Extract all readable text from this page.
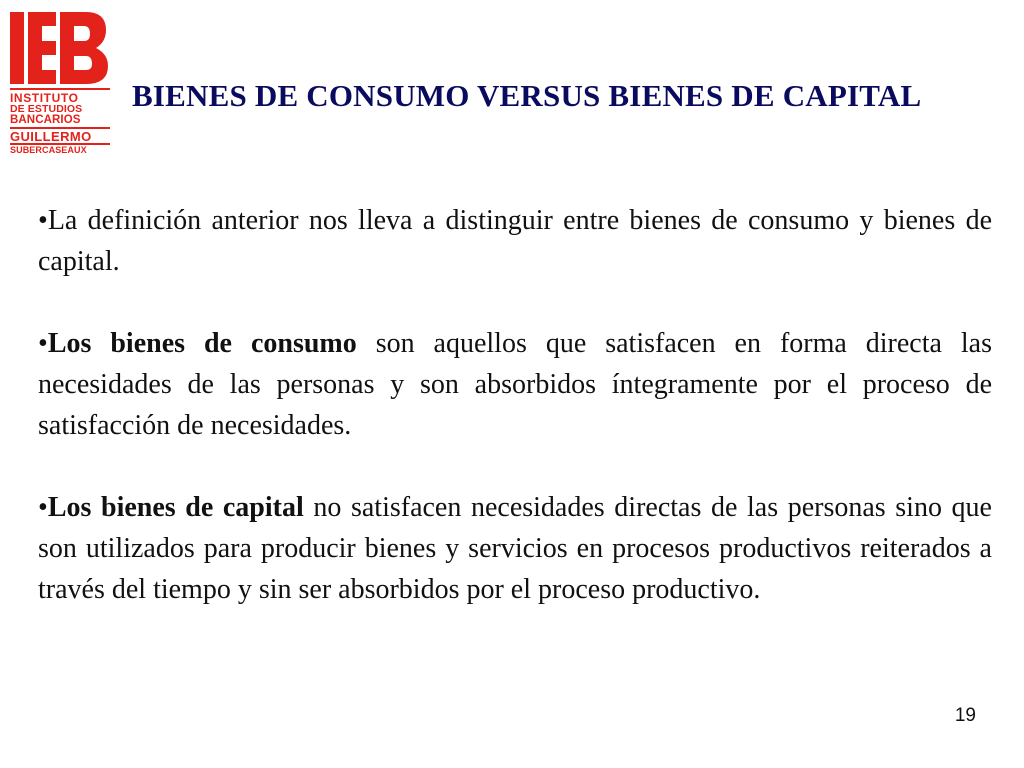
INSTITUTO
DE ESTUDIOS
BANCARIOS
GUILLERMO
SUBERCASEAUX
BIENES DE CONSUMO VERSUS BIENES DE CAPITAL

•La definición anterior nos lleva a distinguir entre bienes de consumo y bienes de capital.

•Los bienes de consumo son aquellos que satisfacen en forma directa las necesidades de las personas y son absorbidos íntegramente por el proceso de satisfacción de necesidades.

•Los bienes de capital no satisfacen necesidades directas de las personas sino que son utilizados para producir bienes y servicios en procesos productivos reiterados a través del tiempo y sin ser absorbidos por el proceso productivo.

19
